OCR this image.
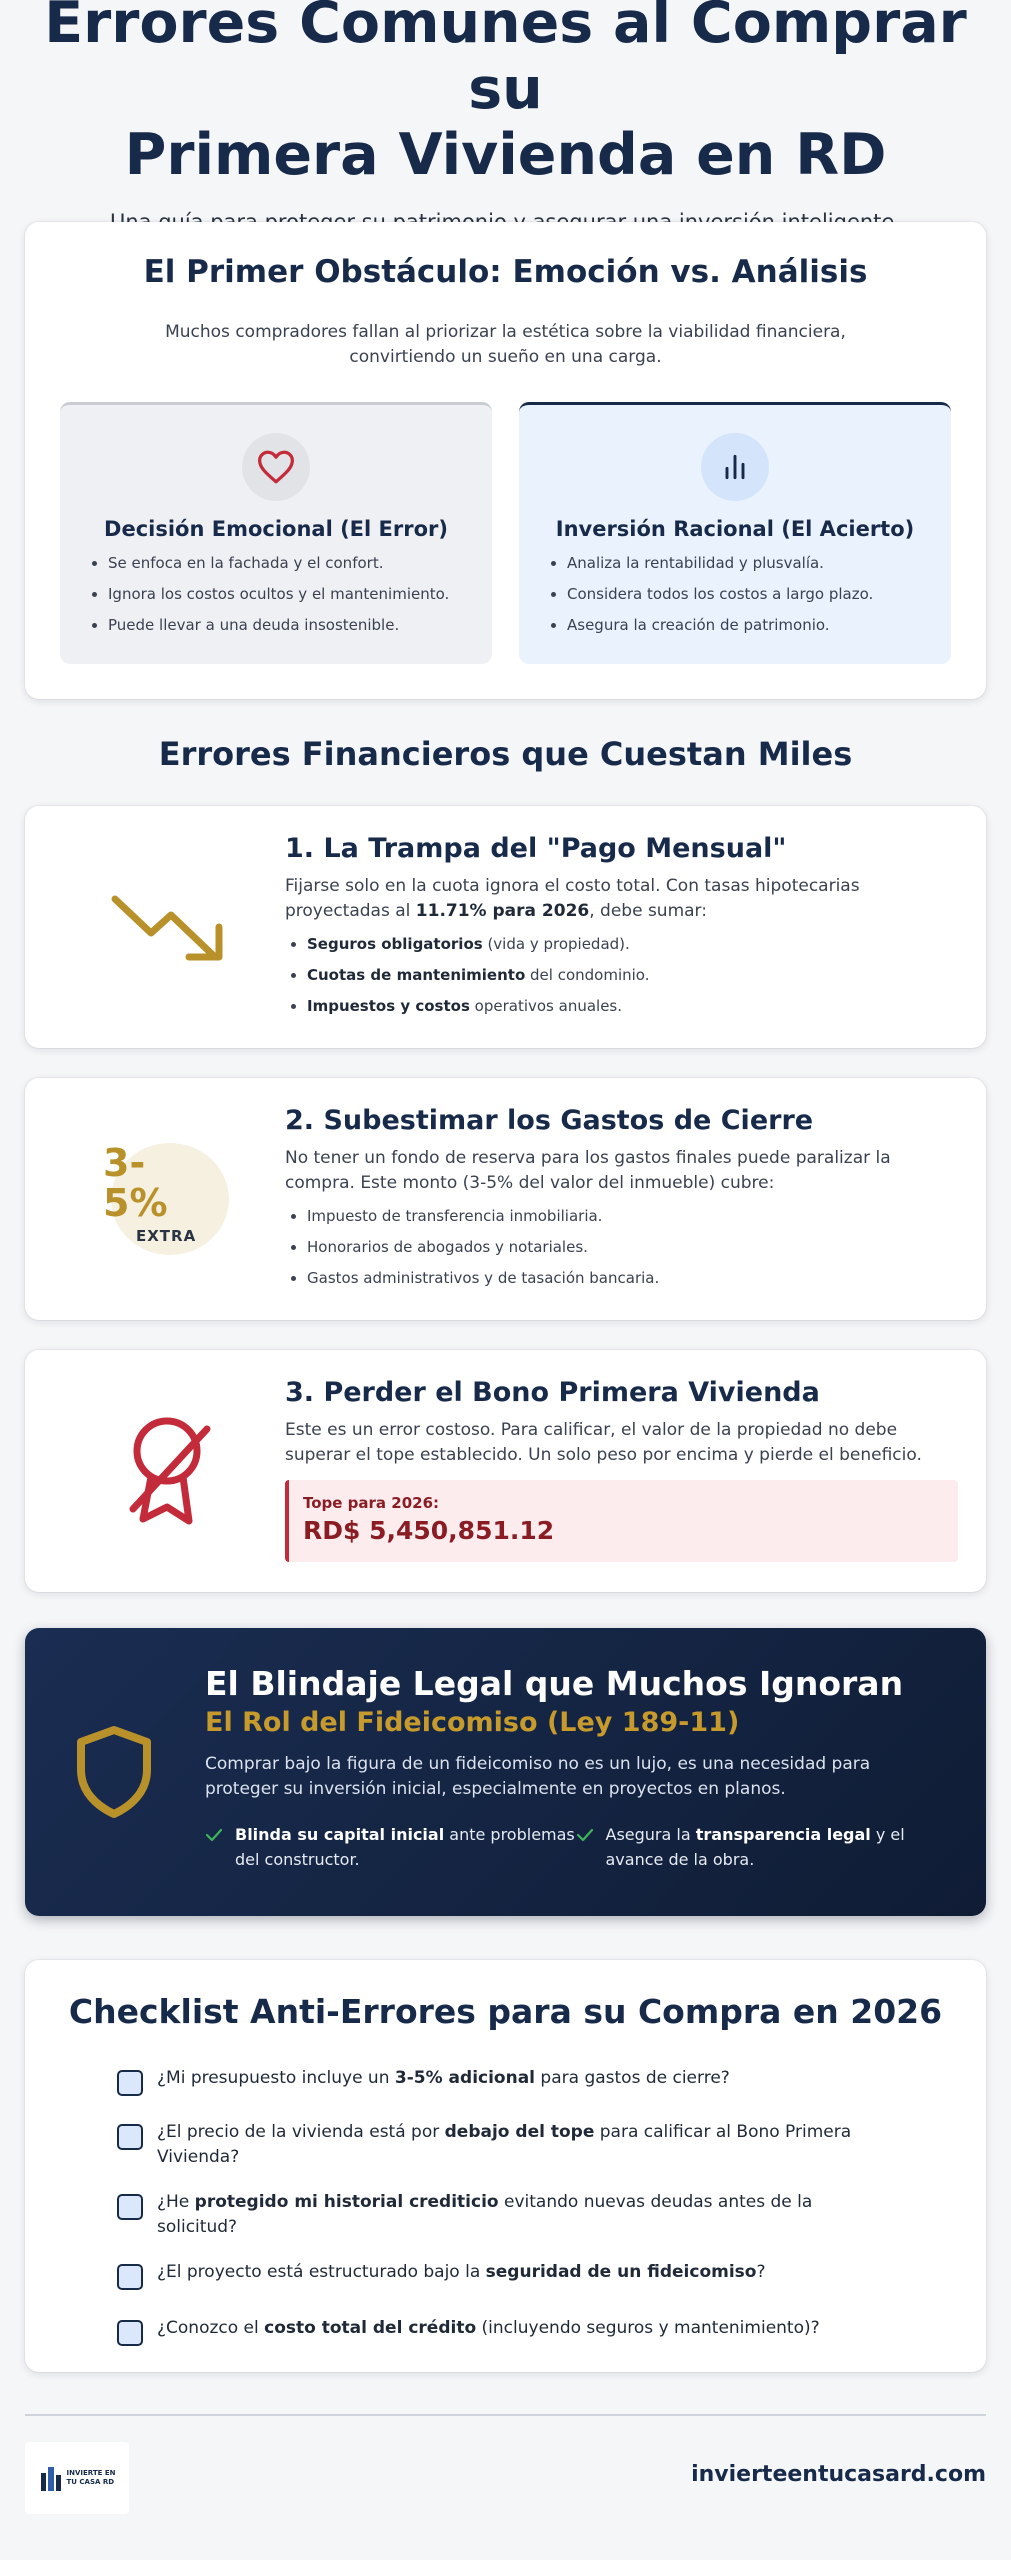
Errores Comunes al Comprar su
Primera Vivienda en RD

El Primer Obstáculo: Emoción vs. Análisis

Muchos compradores fallan al priorizar la estética sobre la viabilidad financiera, convirtiendo un sueño en una carga.

Decisión Emocional (El Error)
• Se enfoca en la fachada y el confort.
• Ignora los costos ocultos y el mantenimiento.
• Puede llevar a una deuda insostenible.
Inversión Racional (El Acierto)
• Analiza la rentabilidad y plusvalía.
• Considera todos los costos a largo plazo.
• Asegura la creación de patrimonio.
Errores Financieros que Cuestan Miles
1. La Trampa del "Pago Mensual"

Fijarse solo en la cuota ignora el costo total. Con tasas hipotecarias proyectadas al 11.71% para 2026, debe sumar:

• Seguros obligatorios (vida y propiedad).
• Cuotas de mantenimiento del condominio.
• Impuestos y costos operativos anuales.
3-5%
EXTRA
2. Subestimar los Gastos de Cierre

No tener un fondo de reserva para los gastos finales puede paralizar la compra. Este monto (3-5% del valor del inmueble) cubre:

• Impuesto de transferencia inmobiliaria.
• Honorarios de abogados y notariales.
• Gastos administrativos y de tasación bancaria.
3. Perder el Bono Primera Vivienda

Este es un error costoso. Para calificar, el valor de la propiedad no debe superar el tope establecido. Un solo peso por encima y pierde el beneficio.

Tope para 2026:
RD$ 5,450,851.12
El Blindaje Legal que Muchos Ignoran
El Rol del Fideicomiso (Ley 189-11)

Comprar bajo la figura de un fideicomiso no es un lujo, es una necesidad para proteger su inversión inicial, especialmente en proyectos en planos.

Blinda su capital inicial ante problemas del constructor.
Asegura la transparencia legal y el avance de la obra.
Checklist Anti-Errores para su Compra en 2026
¿Mi presupuesto incluye un 3-5% adicional para gastos de cierre?
¿El precio de la vivienda está por debajo del tope para calificar al Bono Primera Vivienda?
¿He protegido mi historial crediticio evitando nuevas deudas antes de la solicitud?
¿El proyecto está estructurado bajo la seguridad de un fideicomiso?
¿Conozco el costo total del crédito (incluyendo seguros y mantenimiento)?
INVIERTE EN
TU CASA RD	invierteentucasard.com
